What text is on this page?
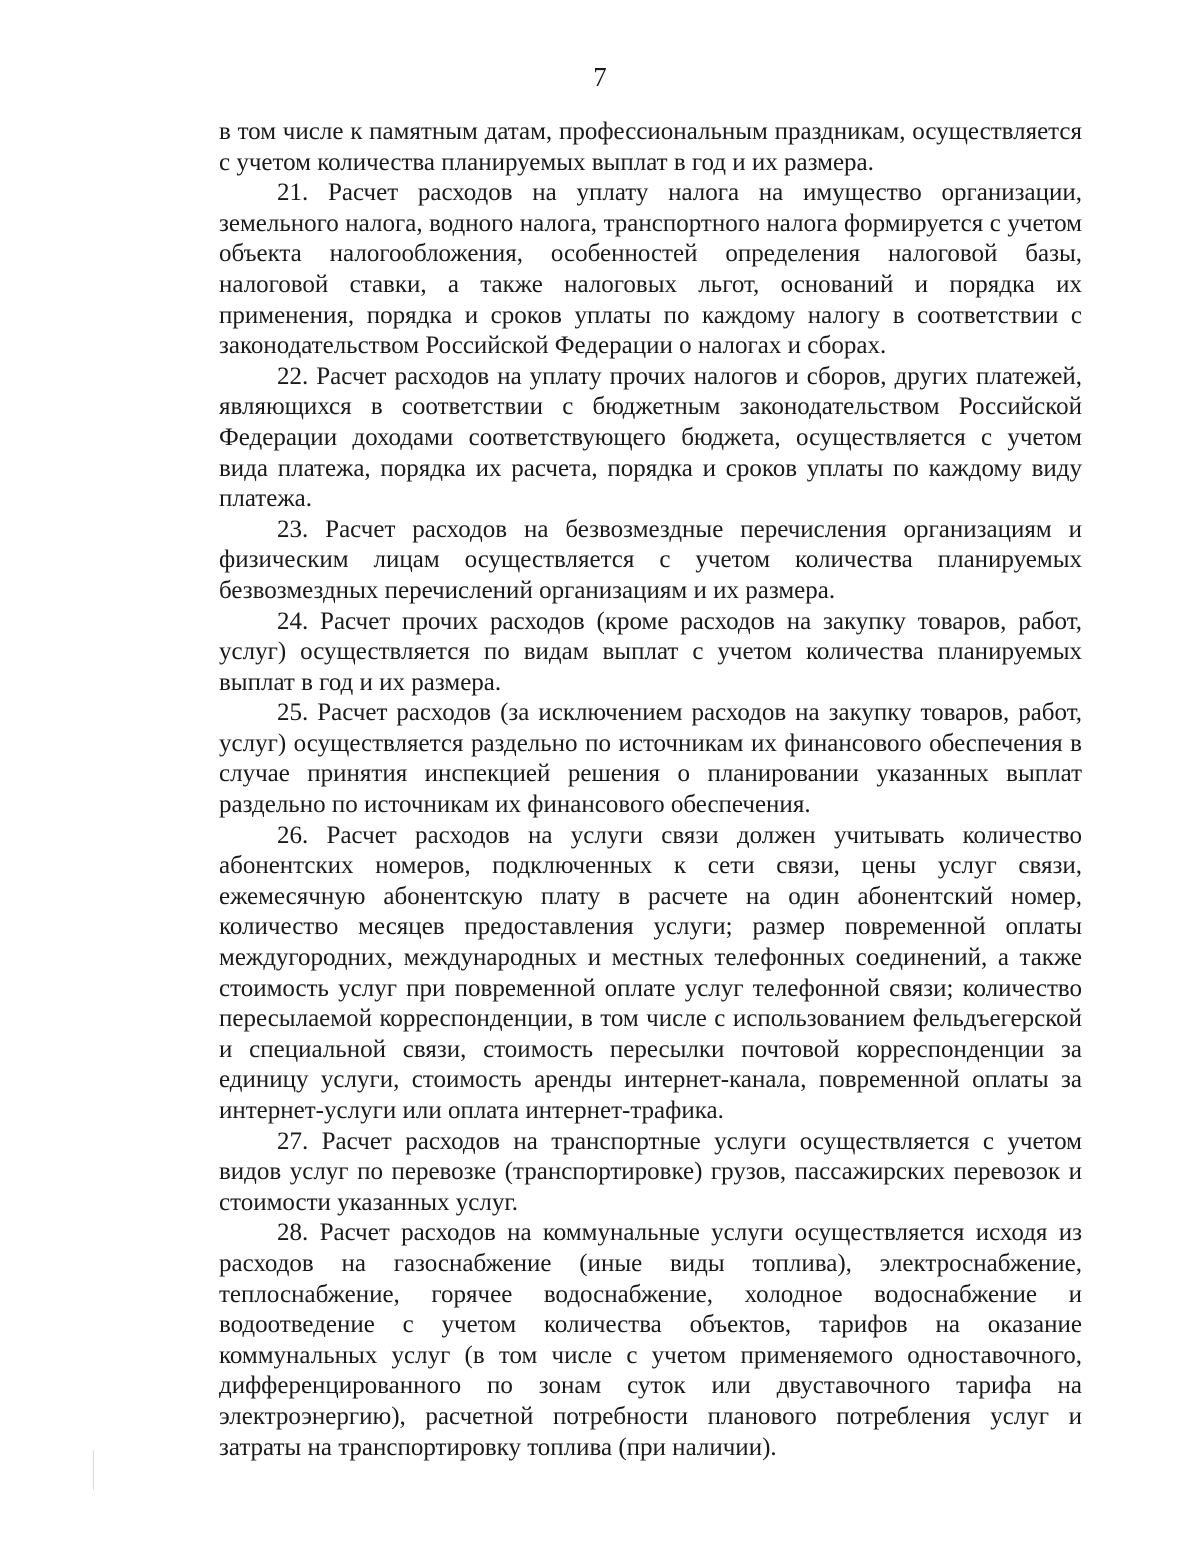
7

в том числе к памятным датам, профессиональным праздникам, осуществляется с учетом количества планируемых выплат в год и их размера.

21. Расчет расходов на уплату налога на имущество организации, земельного налога, водного налога, транспортного налога формируется с учетом объекта налогообложения, особенностей определения налоговой базы, налоговой ставки, а также налоговых льгот, оснований и порядка их применения, порядка и сроков уплаты по каждому налогу в соответствии с законодательством Российской Федерации о налогах и сборах.

22. Расчет расходов на уплату прочих налогов и сборов, других платежей, являющихся в соответствии с бюджетным законодательством Российской Федерации доходами соответствующего бюджета, осуществляется с учетом вида платежа, порядка их расчета, порядка и сроков уплаты по каждому виду платежа.

23. Расчет расходов на безвозмездные перечисления организациям и физическим лицам осуществляется с учетом количества планируемых безвозмездных перечислений организациям и их размера.

24. Расчет прочих расходов (кроме расходов на закупку товаров, работ, услуг) осуществляется по видам выплат с учетом количества планируемых выплат в год и их размера.

25. Расчет расходов (за исключением расходов на закупку товаров, работ, услуг) осуществляется раздельно по источникам их финансового обеспечения в случае принятия инспекцией решения о планировании указанных выплат раздельно по источникам их финансового обеспечения.

26. Расчет расходов на услуги связи должен учитывать количество абонентских номеров, подключенных к сети связи, цены услуг связи, ежемесячную абонентскую плату в расчете на один абонентский номер, количество месяцев предоставления услуги; размер повременной оплаты междугородних, международных и местных телефонных соединений, а также стоимость услуг при повременной оплате услуг телефонной связи; количество пересылаемой корреспонденции, в том числе с использованием фельдъегерской и специальной связи, стоимость пересылки почтовой корреспонденции за единицу услуги, стоимость аренды интернет-канала, повременной оплаты за интернет-услуги или оплата интернет-трафика.

27. Расчет расходов на транспортные услуги осуществляется с учетом видов услуг по перевозке (транспортировке) грузов, пассажирских перевозок и стоимости указанных услуг.

28. Расчет расходов на коммунальные услуги осуществляется исходя из расходов на газоснабжение (иные виды топлива), электроснабжение, теплоснабжение, горячее водоснабжение, холодное водоснабжение и водоотведение с учетом количества объектов, тарифов на оказание коммунальных услуг (в том числе с учетом применяемого одноставочного, дифференцированного по зонам суток или двуставочного тарифа на электроэнергию), расчетной потребности планового потребления услуг и затраты на транспортировку топлива (при наличии).
